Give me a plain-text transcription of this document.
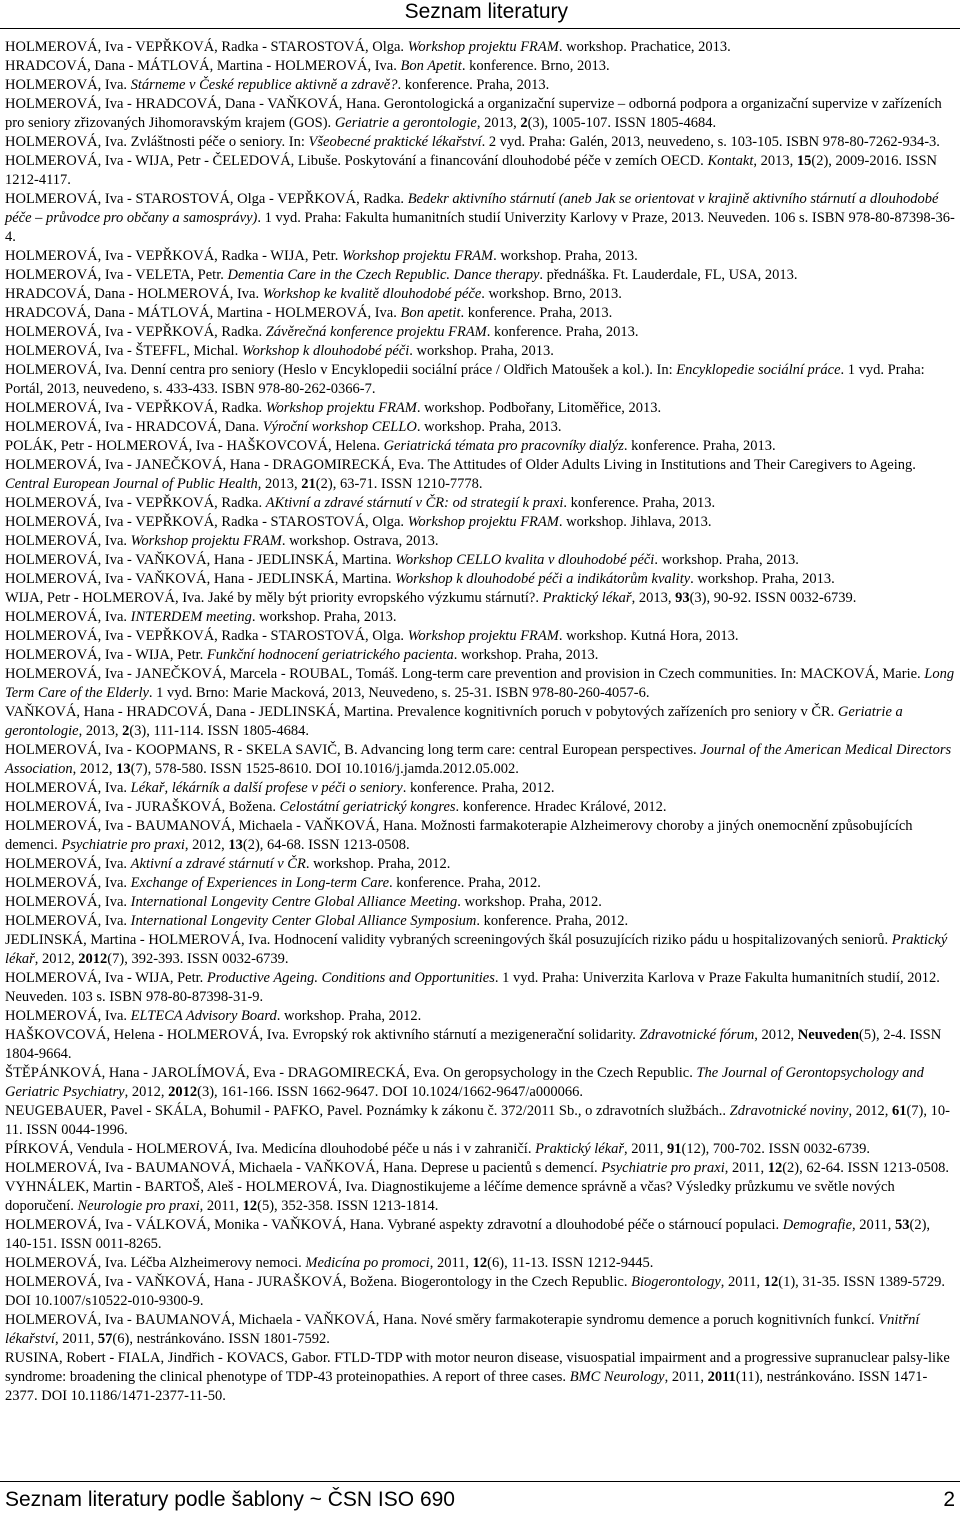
Seznam literatury

HOLMEROVÁ, Iva - VEPŘKOVÁ, Radka - STAROSTOVÁ, Olga. Workshop projektu FRAM. workshop. Prachatice, 2013.

HRADCOVÁ, Dana - MÁTLOVÁ, Martina - HOLMEROVÁ, Iva. Bon Apetit. konference. Brno, 2013.

HOLMEROVÁ, Iva. Stárneme v České republice aktivně a zdravě?. konference. Praha, 2013.

HOLMEROVÁ, Iva - HRADCOVÁ, Dana - VAŇKOVÁ, Hana. Gerontologická a organizační supervize – odborná podpora a organizační supervize v zařízeních pro seniory zřizovaných Jihomoravským krajem (GOS). Geriatrie a gerontologie, 2013, 2(3), 1005-107. ISSN 1805-4684.

HOLMEROVÁ, Iva. Zvláštnosti péče o seniory. In: Všeobecné praktické lékařství. 2 vyd. Praha: Galén, 2013, neuvedeno, s. 103-105. ISBN 978-80-7262-934-3.

HOLMEROVÁ, Iva - WIJA, Petr - ČELEDOVÁ, Libuše. Poskytování a financování dlouhodobé péče v zemích OECD. Kontakt, 2013, 15(2), 2009-2016. ISSN 1212-4117.

HOLMEROVÁ, Iva - STAROSTOVÁ, Olga - VEPŘKOVÁ, Radka. Bedekr aktivního stárnutí (aneb Jak se orientovat v krajině aktivního stárnutí a dlouhodobé péče – průvodce pro občany a samosprávy). 1 vyd. Praha: Fakulta humanitních studií Univerzity Karlovy v Praze, 2013. Neuveden. 106 s. ISBN 978-80-87398-36-4.

HOLMEROVÁ, Iva - VEPŘKOVÁ, Radka - WIJA, Petr. Workshop projektu FRAM. workshop. Praha, 2013.

HOLMEROVÁ, Iva - VELETA, Petr. Dementia Care in the Czech Republic. Dance therapy. přednáška. Ft. Lauderdale, FL, USA, 2013.

HRADCOVÁ, Dana - HOLMEROVÁ, Iva. Workshop ke kvalitě dlouhodobé péče. workshop. Brno, 2013.

HRADCOVÁ, Dana - MÁTLOVÁ, Martina - HOLMEROVÁ, Iva. Bon apetit. konference. Praha, 2013.

HOLMEROVÁ, Iva - VEPŘKOVÁ, Radka. Závěrečná konference projektu FRAM. konference. Praha, 2013.

HOLMEROVÁ, Iva - ŠTEFFL, Michal. Workshop k dlouhodobé péči. workshop. Praha, 2013.

HOLMEROVÁ, Iva. Denní centra pro seniory (Heslo v Encyklopedii sociální práce / Oldřich Matoušek a kol.). In: Encyklopedie sociální práce. 1 vyd. Praha: Portál, 2013, neuvedeno, s. 433-433. ISBN 978-80-262-0366-7.

HOLMEROVÁ, Iva - VEPŘKOVÁ, Radka. Workshop projektu FRAM. workshop. Podbořany, Litoměřice, 2013.

HOLMEROVÁ, Iva - HRADCOVÁ, Dana. Výroční workshop CELLO. workshop. Praha, 2013.

POLÁK, Petr - HOLMEROVÁ, Iva - HAŠKOVCOVÁ, Helena. Geriatrická témata pro pracovníky dialýz. konference. Praha, 2013.

HOLMEROVÁ, Iva - JANEČKOVÁ, Hana - DRAGOMIRECKÁ, Eva. The Attitudes of Older Adults Living in Institutions and Their Caregivers to Ageing. Central European Journal of Public Health, 2013, 21(2), 63-71. ISSN 1210-7778.

HOLMEROVÁ, Iva - VEPŘKOVÁ, Radka. AKtivní a zdravé stárnutí v ČR: od strategií k praxi. konference. Praha, 2013.

HOLMEROVÁ, Iva - VEPŘKOVÁ, Radka - STAROSTOVÁ, Olga. Workshop projektu FRAM. workshop. Jihlava, 2013.

HOLMEROVÁ, Iva. Workshop projektu FRAM. workshop. Ostrava, 2013.

HOLMEROVÁ, Iva - VAŇKOVÁ, Hana - JEDLINSKÁ, Martina. Workshop CELLO kvalita v dlouhodobé péči. workshop. Praha, 2013.

HOLMEROVÁ, Iva - VAŇKOVÁ, Hana - JEDLINSKÁ, Martina. Workshop k dlouhodobé péči a indikátorům kvality. workshop. Praha, 2013.

WIJA, Petr - HOLMEROVÁ, Iva. Jaké by měly být priority evropského výzkumu stárnutí?. Praktický lékař, 2013, 93(3), 90-92. ISSN 0032-6739.

HOLMEROVÁ, Iva. INTERDEM meeting. workshop. Praha, 2013.

HOLMEROVÁ, Iva - VEPŘKOVÁ, Radka - STAROSTOVÁ, Olga. Workshop projektu FRAM. workshop. Kutná Hora, 2013.

HOLMEROVÁ, Iva - WIJA, Petr. Funkční hodnocení geriatrického pacienta. workshop. Praha, 2013.

HOLMEROVÁ, Iva - JANEČKOVÁ, Marcela - ROUBAL, Tomáš. Long-term care prevention and provision in Czech communities. In: MACKOVÁ, Marie. Long Term Care of the Elderly. 1 vyd. Brno: Marie Macková, 2013, Neuvedeno, s. 25-31. ISBN 978-80-260-4057-6.

VAŇKOVÁ, Hana - HRADCOVÁ, Dana - JEDLINSKÁ, Martina. Prevalence kognitivních poruch v pobytových zařízeních pro seniory v ČR. Geriatrie a gerontologie, 2013, 2(3), 111-114. ISSN 1805-4684.

HOLMEROVÁ, Iva - KOOPMANS, R - SKELA SAVIČ, B. Advancing long term care: central European perspectives. Journal of the American Medical Directors Association, 2012, 13(7), 578-580. ISSN 1525-8610. DOI 10.1016/j.jamda.2012.05.002.

HOLMEROVÁ, Iva. Lékař, lékárník a další profese v péči o seniory. konference. Praha, 2012.

HOLMEROVÁ, Iva - JURAŠKOVÁ, Božena. Celostátní geriatrický kongres. konference. Hradec Králové, 2012.

HOLMEROVÁ, Iva - BAUMANOVÁ, Michaela - VAŇKOVÁ, Hana. Možnosti farmakoterapie Alzheimerovy choroby a jiných onemocnění způsobujících demenci. Psychiatrie pro praxi, 2012, 13(2), 64-68. ISSN 1213-0508.

HOLMEROVÁ, Iva. Aktivní a zdravé stárnutí v ČR. workshop. Praha, 2012.

HOLMEROVÁ, Iva. Exchange of Experiences in Long-term Care. konference. Praha, 2012.

HOLMEROVÁ, Iva. International Longevity Centre Global Alliance Meeting. workshop. Praha, 2012.

HOLMEROVÁ, Iva. International Longevity Center Global Alliance Symposium. konference. Praha, 2012.

JEDLINSKÁ, Martina - HOLMEROVÁ, Iva. Hodnocení validity vybraných screeningových škál posuzujících riziko pádu u hospitalizovaných seniorů. Praktický lékař, 2012, 2012(7), 392-393. ISSN 0032-6739.

HOLMEROVÁ, Iva - WIJA, Petr. Productive Ageing. Conditions and Opportunities. 1 vyd. Praha: Univerzita Karlova v Praze Fakulta humanitních studií, 2012. Neuveden. 103 s. ISBN 978-80-87398-31-9.

HOLMEROVÁ, Iva. ELTECA Advisory Board. workshop. Praha, 2012.

HAŠKOVCOVÁ, Helena - HOLMEROVÁ, Iva. Evropský rok aktivního stárnutí a mezigenerační solidarity. Zdravotnické fórum, 2012, Neuveden(5), 2-4. ISSN 1804-9664.

ŠTĚPÁNKOVÁ, Hana - JAROLÍMOVÁ, Eva - DRAGOMIRECKÁ, Eva. On geropsychology in the Czech Republic. The Journal of Gerontopsychology and Geriatric Psychiatry, 2012, 2012(3), 161-166. ISSN 1662-9647. DOI 10.1024/1662-9647/a000066.

NEUGEBAUER, Pavel - SKÁLA, Bohumil - PAFKO, Pavel. Poznámky k zákonu č. 372/2011 Sb., o zdravotních službách.. Zdravotnické noviny, 2012, 61(7), 10-11. ISSN 0044-1996.

PÍRKOVÁ, Vendula - HOLMEROVÁ, Iva. Medicína dlouhodobé péče u nás i v zahraničí. Praktický lékař, 2011, 91(12), 700-702. ISSN 0032-6739.

HOLMEROVÁ, Iva - BAUMANOVÁ, Michaela - VAŇKOVÁ, Hana. Deprese u pacientů s demencí. Psychiatrie pro praxi, 2011, 12(2), 62-64. ISSN 1213-0508.

VYHNÁLEK, Martin - BARTOŠ, Aleš - HOLMEROVÁ, Iva. Diagnostikujeme a léčíme demence správně a včas? Výsledky průzkumu ve světle nových doporučení. Neurologie pro praxi, 2011, 12(5), 352-358. ISSN 1213-1814.

HOLMEROVÁ, Iva - VÁLKOVÁ, Monika - VAŇKOVÁ, Hana. Vybrané aspekty zdravotní a dlouhodobé péče o stárnoucí populaci. Demografie, 2011, 53(2), 140-151. ISSN 0011-8265.

HOLMEROVÁ, Iva. Léčba Alzheimerovy nemoci. Medicína po promoci, 2011, 12(6), 11-13. ISSN 1212-9445.

HOLMEROVÁ, Iva - VAŇKOVÁ, Hana - JURAŠKOVÁ, Božena. Biogerontology in the Czech Republic. Biogerontology, 2011, 12(1), 31-35. ISSN 1389-5729. DOI 10.1007/s10522-010-9300-9.

HOLMEROVÁ, Iva - BAUMANOVÁ, Michaela - VAŇKOVÁ, Hana. Nové směry farmakoterapie syndromu demence a poruch kognitivních funkcí. Vnitřní lékařství, 2011, 57(6), nestránkováno. ISSN 1801-7592.

RUSINA, Robert - FIALA, Jindřich - KOVACS, Gabor. FTLD-TDP with motor neuron disease, visuospatial impairment and a progressive supranuclear palsy-like syndrome: broadening the clinical phenotype of TDP-43 proteinopathies. A report of three cases. BMC Neurology, 2011, 2011(11), nestránkováno. ISSN 1471-2377. DOI 10.1186/1471-2377-11-50.

Seznam literatury podle šablony ~ ČSN ISO 690	2
